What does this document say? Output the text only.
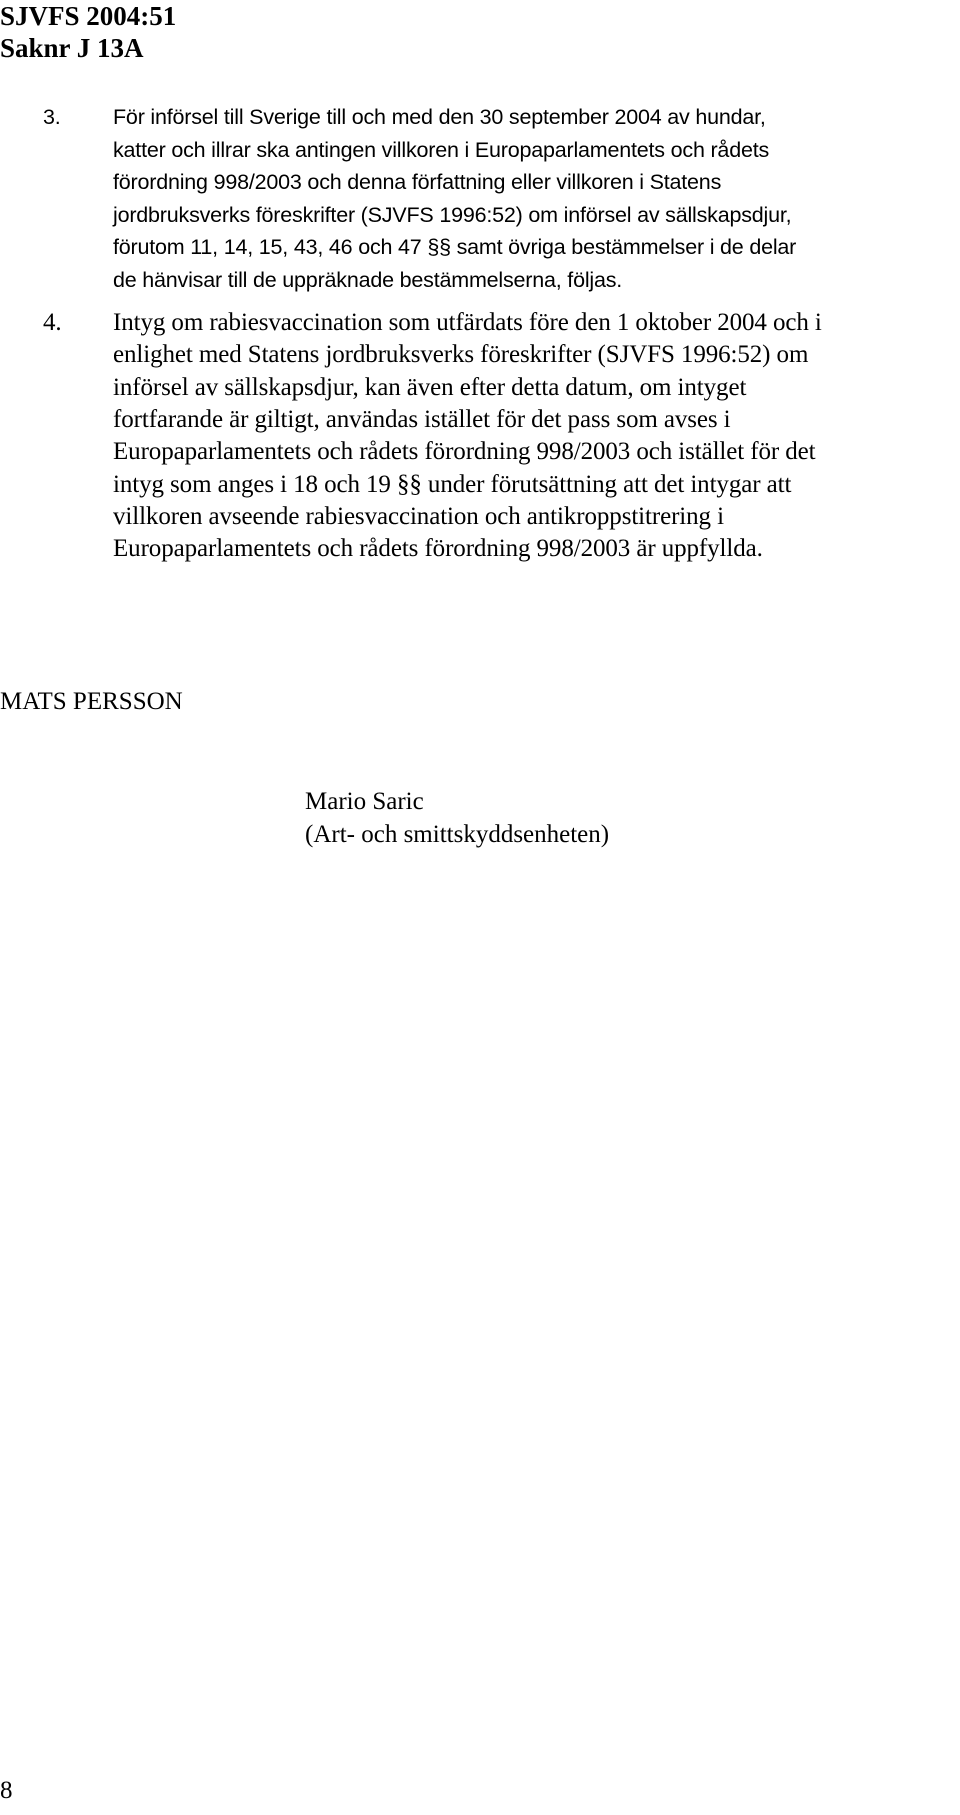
SJVFS 2004:51
Saknr J 13A
3. För införsel till Sverige till och med den 30 september 2004 av hundar,
katter och illrar ska antingen villkoren i Europaparlamentets och rådets
förordning 998/2003 och denna författning eller villkoren i Statens
jordbruksverks föreskrifter (SJVFS 1996:52) om införsel av sällskapsdjur,
förutom 11, 14, 15, 43, 46 och 47 §§ samt övriga bestämmelser i de delar
de hänvisar till de uppräknade bestämmelserna, följas.
4. Intyg om rabiesvaccination som utfärdats före den 1 oktober 2004 och i
enlighet med Statens jordbruksverks föreskrifter (SJVFS 1996:52) om
införsel av sällskapsdjur, kan även efter detta datum, om intyget
fortfarande är giltigt, användas istället för det pass som avses i
Europaparlamentets och rådets förordning 998/2003 och istället för det
intyg som anges i 18 och 19 §§ under förutsättning att det intygar att
villkoren avseende rabiesvaccination och antikroppstitrering i
Europaparlamentets och rådets förordning 998/2003 är uppfyllda.
MATS PERSSON
Mario Saric
(Art- och smittskyddsenheten)
8
